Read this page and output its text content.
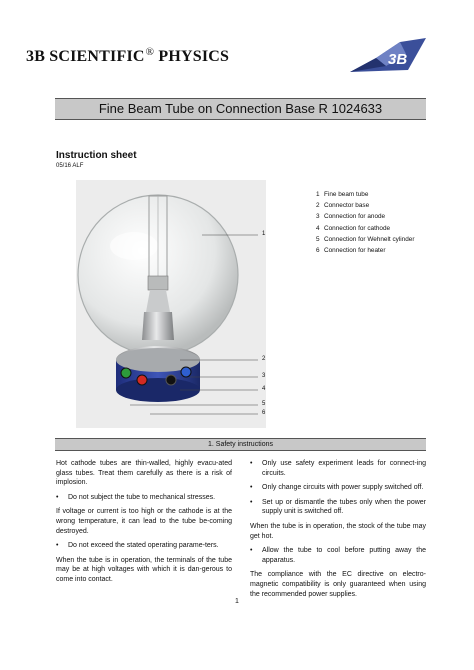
3B SCIENTIFIC® PHYSICS	3B
Fine Beam Tube on Connection Base R 1024633
Instruction sheet
05/16 ALF
1
2
3
4
5
6
1 Fine beam tube
2 Connector base
3 Connection for anode
4 Connection for cathode
5 Connection for Wehnelt cylinder
6 Connection for heater
1. Safety instructions

Hot cathode tubes are thin-walled, highly evacu-ated glass tubes. Treat them carefully as there is a risk of implosion.

•	Do not subject the tube to mechanical stresses.

If voltage or current is too high or the cathode is at the wrong temperature, it can lead to the tube be-coming destroyed.

•	Do not exceed the stated operating parame-ters.

When the tube is in operation, the terminals of the tube may be at high voltages with which it is dan-gerous to come into contact.

•	Only use safety experiment leads for connect-ing circuits.
•	Only change circuits with power supply switched off.
•	Set up or dismantle the tubes only when the power supply unit is switched off.

When the tube is in operation, the stock of the tube may get hot.

•	Allow the tube to cool before putting away the apparatus.

The compliance with the EC directive on electro-magnetic compatibility is only guaranteed when using the recommended power supplies.

1
